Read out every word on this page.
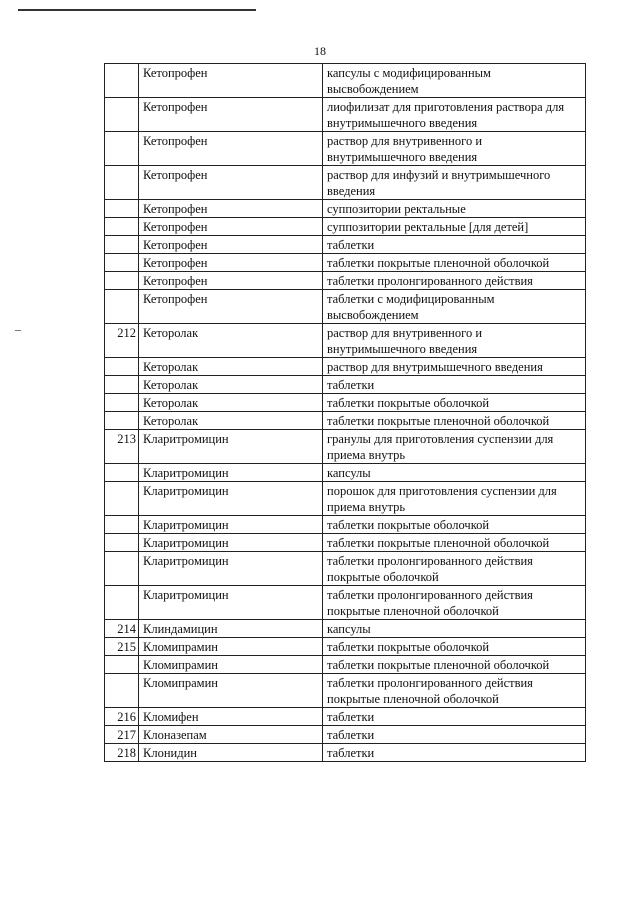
18
	Кетопрофен	капсулы с модифицированным высвобождением
	Кетопрофен	лиофилизат для приготовления раствора для внутримышечного введения
	Кетопрофен	раствор для внутривенного и внутримышечного введения
	Кетопрофен	раствор для инфузий и внутримышечного введения
	Кетопрофен	суппозитории ректальные
	Кетопрофен	суппозитории ректальные [для детей]
	Кетопрофен	таблетки
	Кетопрофен	таблетки покрытые пленочной оболочкой
	Кетопрофен	таблетки пролонгированного действия
	Кетопрофен	таблетки с модифицированным высвобождением
212	Кеторолак	раствор для внутривенного и внутримышечного введения
	Кеторолак	раствор для внутримышечного введения
	Кеторолак	таблетки
	Кеторолак	таблетки покрытые оболочкой
	Кеторолак	таблетки покрытые пленочной оболочкой
213	Кларитромицин	гранулы для приготовления суспензии для приема внутрь
	Кларитромицин	капсулы
	Кларитромицин	порошок для приготовления суспензии для приема внутрь
	Кларитромицин	таблетки покрытые оболочкой
	Кларитромицин	таблетки покрытые пленочной оболочкой
	Кларитромицин	таблетки пролонгированного действия покрытые оболочкой
	Кларитромицин	таблетки пролонгированного действия покрытые пленочной оболочкой
214	Клиндамицин	капсулы
215	Кломипрамин	таблетки покрытые оболочкой
	Кломипрамин	таблетки покрытые пленочной оболочкой
	Кломипрамин	таблетки пролонгированного действия покрытые пленочной оболочкой
216	Кломифен	таблетки
217	Клоназепам	таблетки
218	Клонидин	таблетки
